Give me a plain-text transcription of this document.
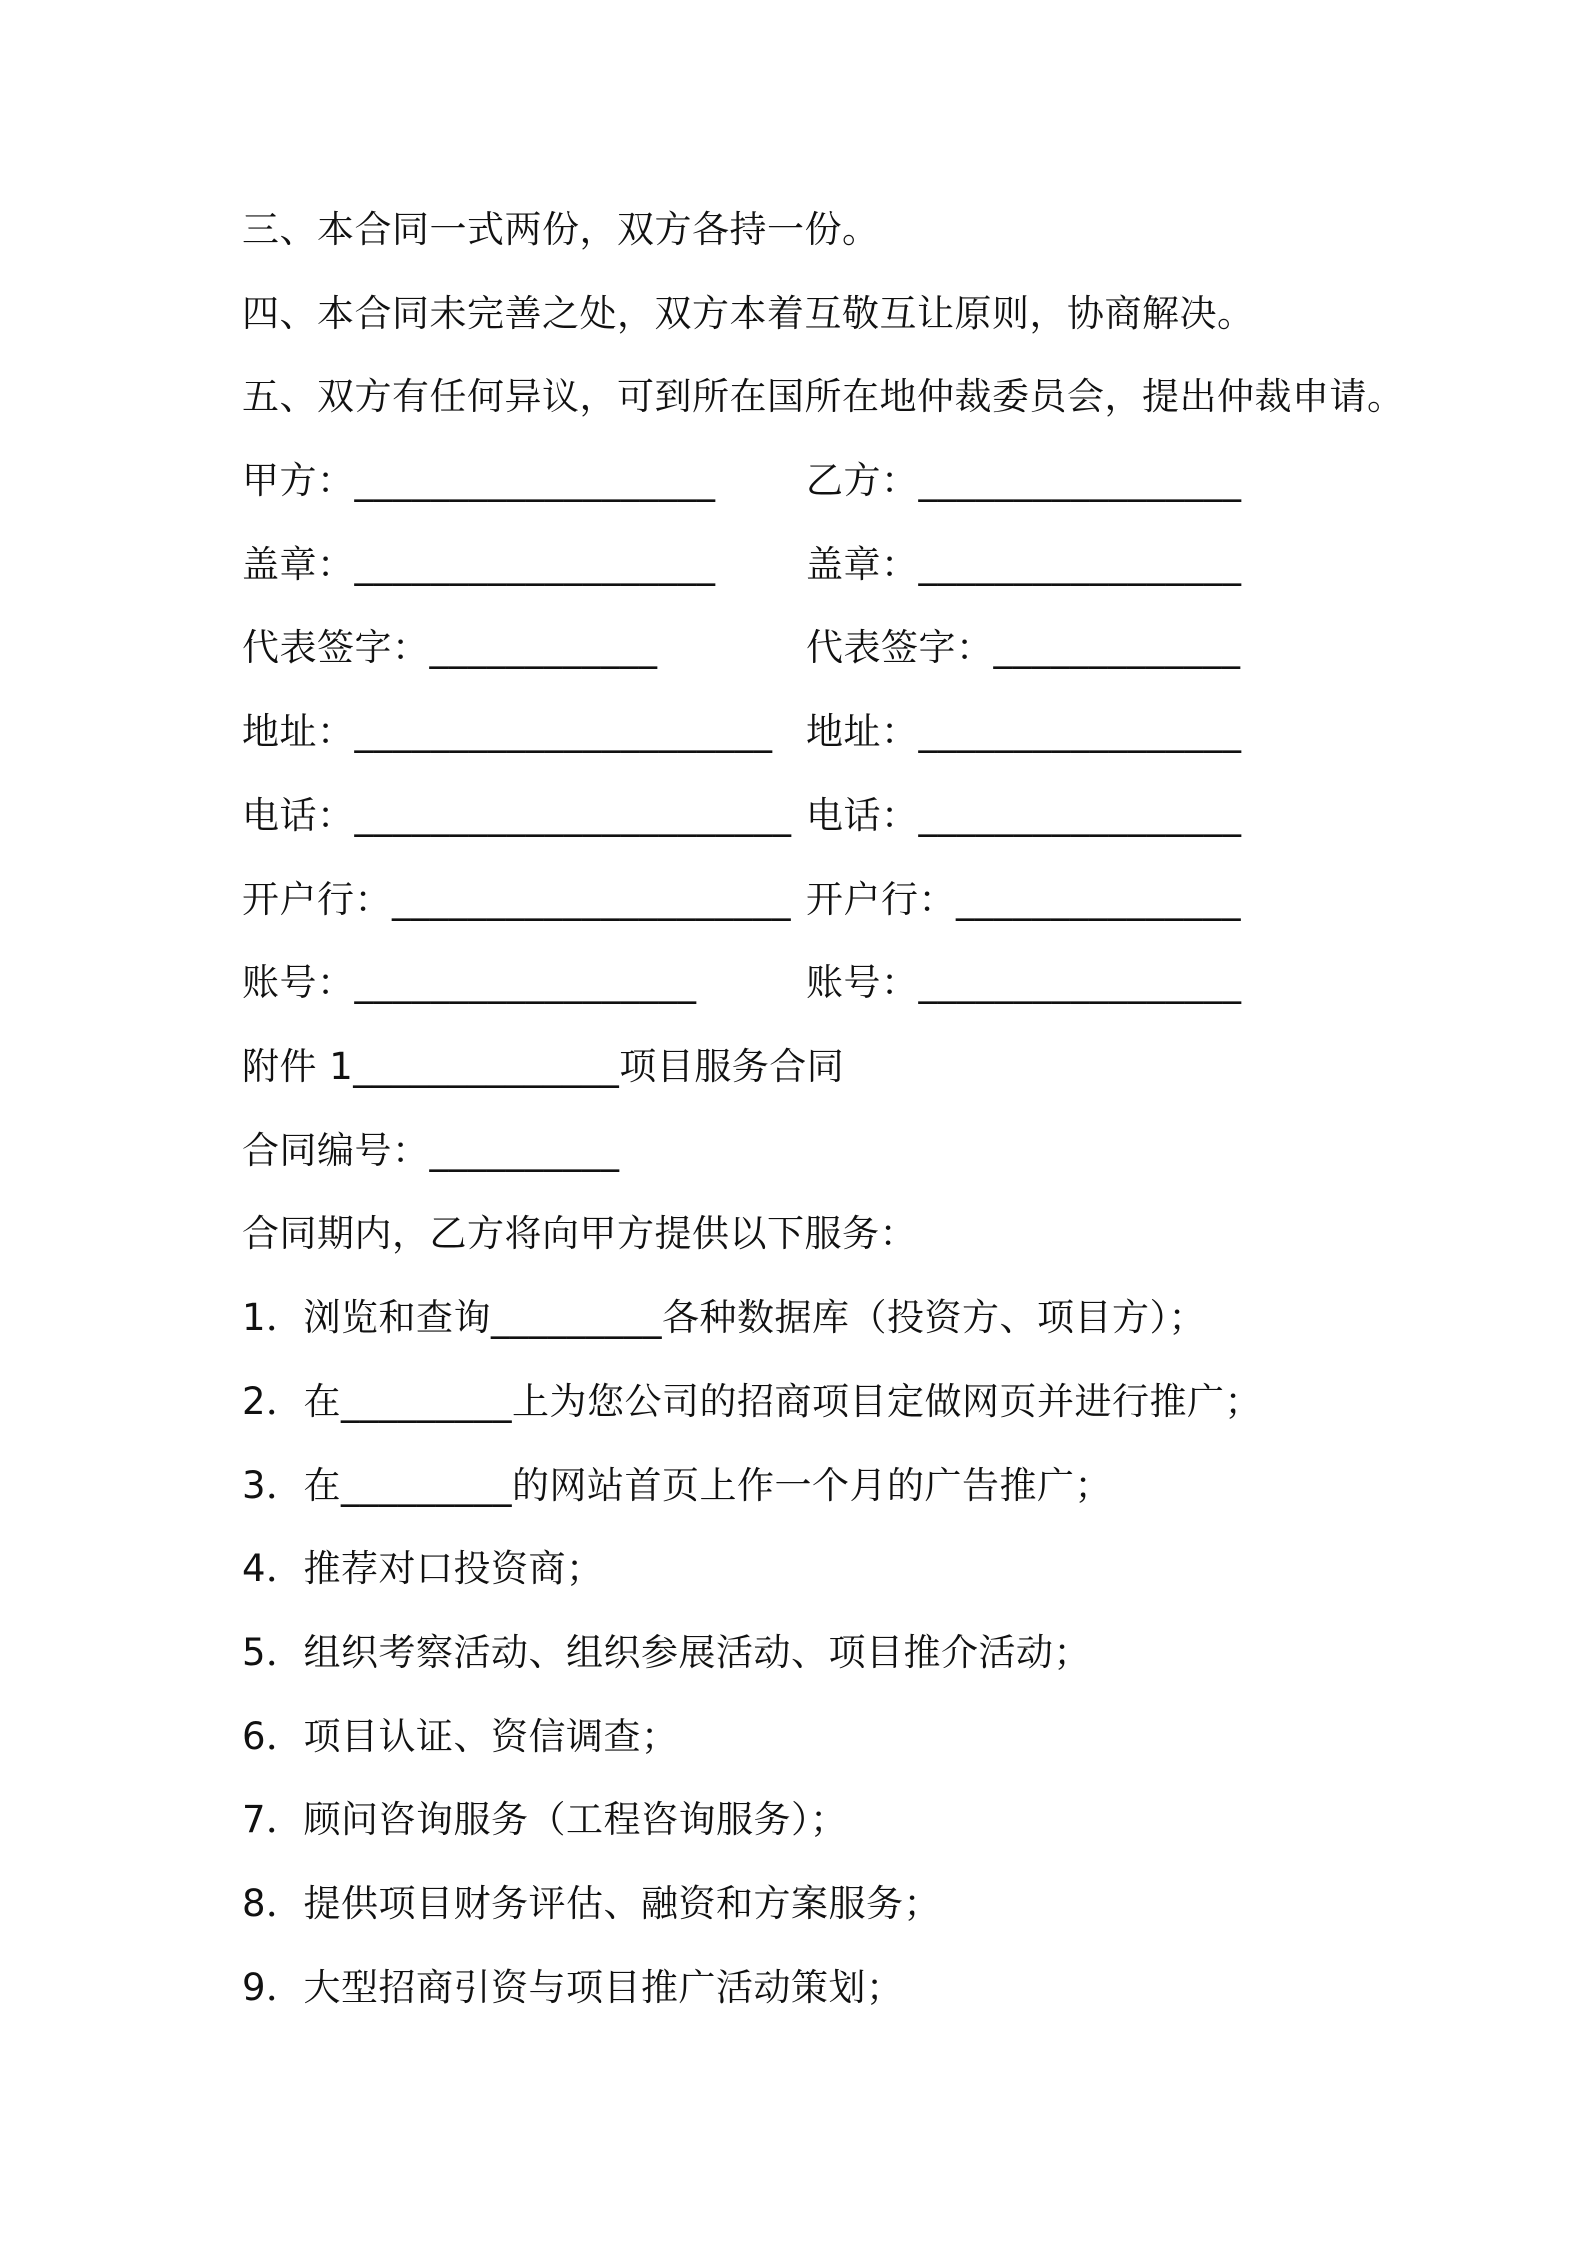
三、本合同一式两份，双方各持一份。
四、本合同未完善之处，双方本着互敬互让原则，协商解决。
五、双方有任何异议，可到所在国所在地仲裁委员会，提出仲裁申请。
甲方：___________________ 乙方：_________________
盖章：___________________ 盖章：_________________
代表签字：____________	代表签字：_____________
地址：______________________ 地址：_________________
电话：_______________________ 电话：_________________
开户行：_____________________ 开户行：_______________
账号：__________________	账号：_________________
附件 1______________项目服务合同
合同编号：__________
合同期内，乙方将向甲方提供以下服务：
1．浏览和查询_________各种数据库（投资方、项目方）；
2．在_________上为您公司的招商项目定做网页并进行推广；
3．在_________的网站首页上作一个月的广告推广；
4．推荐对口投资商；
5．组织考察活动、组织参展活动、项目推介活动；
6．项目认证、资信调查；
7．顾问咨询服务（工程咨询服务）；
8．提供项目财务评估、融资和方案服务；
9．大型招商引资与项目推广活动策划；
